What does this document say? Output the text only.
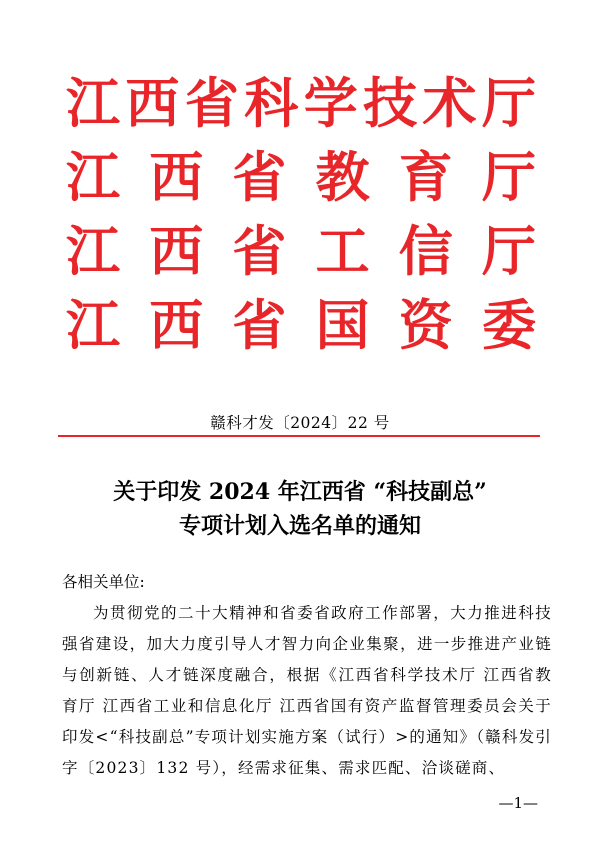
江 西 省 科 学 技 术 厅
江 西 省 教 育 厅
江 西 省 工 信 厅
江 西 省 国 资 委
赣科才发〔2024〕22 号
关于印发 2024 年江西省 “科技副总”
专项计划入选名单的通知

各相关单位:

为贯彻党的二十大精神和省委省政府工作部署，大力推进科技强省建设，加大力度引导人才智力向企业集聚，进一步推进产业链与创新链、人才链深度融合，根据《江西省科学技术厅 江西省教育厅 江西省工业和信息化厅 江西省国有资产监督管理委员会关于印发<“科技副总”专项计划实施方案（试行）>的通知》（赣科发引字〔2023〕132 号），经需求征集、需求匹配、洽谈磋商、

—1—
